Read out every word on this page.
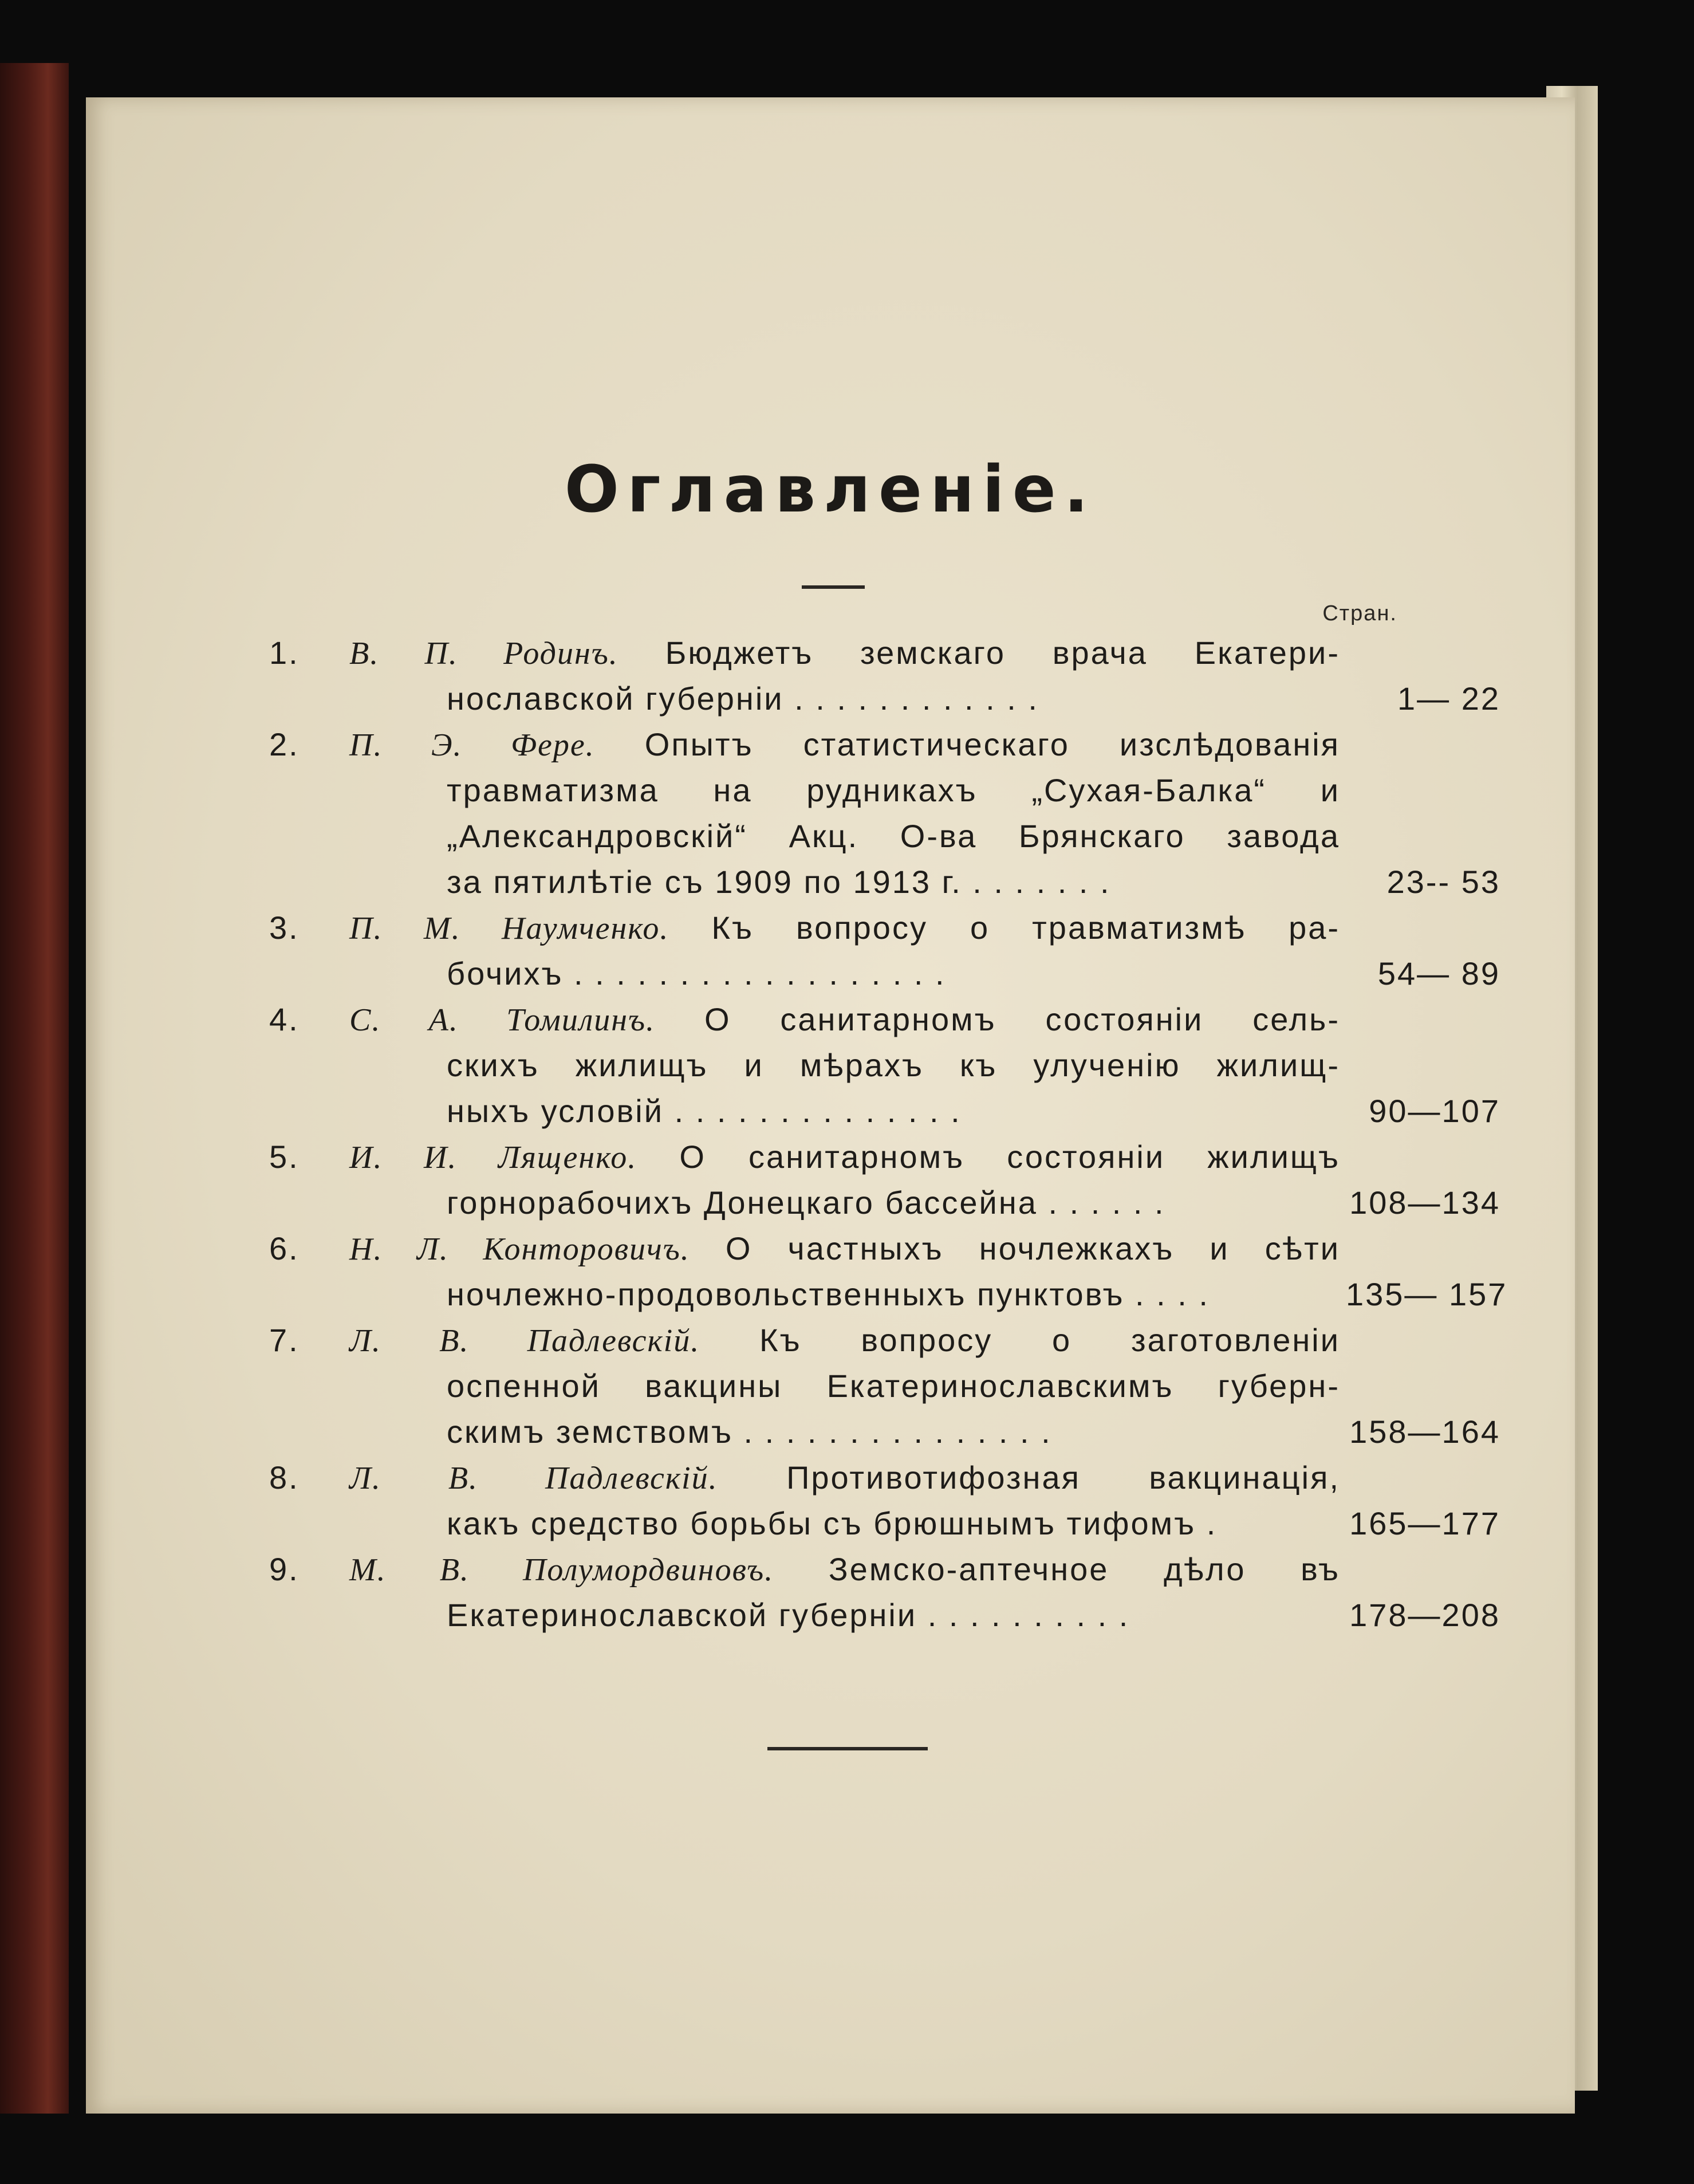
Оглавленіе.
Стран.
1.	В. П. Родинъ. Бюджетъ земскаго врача Екатери-
нославской губерніи . . . . . . . . . . . .	1— 22
2.	П. Э. Фере. Опытъ статистическаго изслѣдованія
травматизма на рудникахъ „Сухая-Балка“ и
„Александровскій“ Акц. О-ва Брянскаго завода
за пятилѣтіе съ 1909 по 1913 г. . . . . . . .	23-- 53
3.	П. М. Наумченко. Къ вопросу о травматизмѣ ра-
бочихъ . . . . . . . . . . . . . . . . . .	54— 89
4.	С. А. Томилинъ. О санитарномъ состояніи сель-
скихъ жилищъ и мѣрахъ къ улученію жилищ-
ныхъ условій . . . . . . . . . . . . . .	90—107
5.	И. И. Лященко. О санитарномъ состояніи жилищъ
горнорабочихъ Донецкаго бассейна . . . . . .	108—134
6.	Н. Л. Конторовичъ. О частныхъ ночлежкахъ и сѣти
ночлежно-продовольственныхъ пунктовъ . . . .	135— 157
7.	Л. В. Падлевскій. Къ вопросу о заготовленіи
оспенной вакцины Екатеринославскимъ губерн-
скимъ земствомъ . . . . . . . . . . . . . . .	158—164
8.	Л. В. Падлевскій. Противотифозная вакцинація,
какъ средство борьбы съ брюшнымъ тифомъ .	165—177
9.	М. В. Полумордвиновъ. Земско-аптечное дѣло въ
Екатеринославской губерніи . . . . . . . . . .	178—208
